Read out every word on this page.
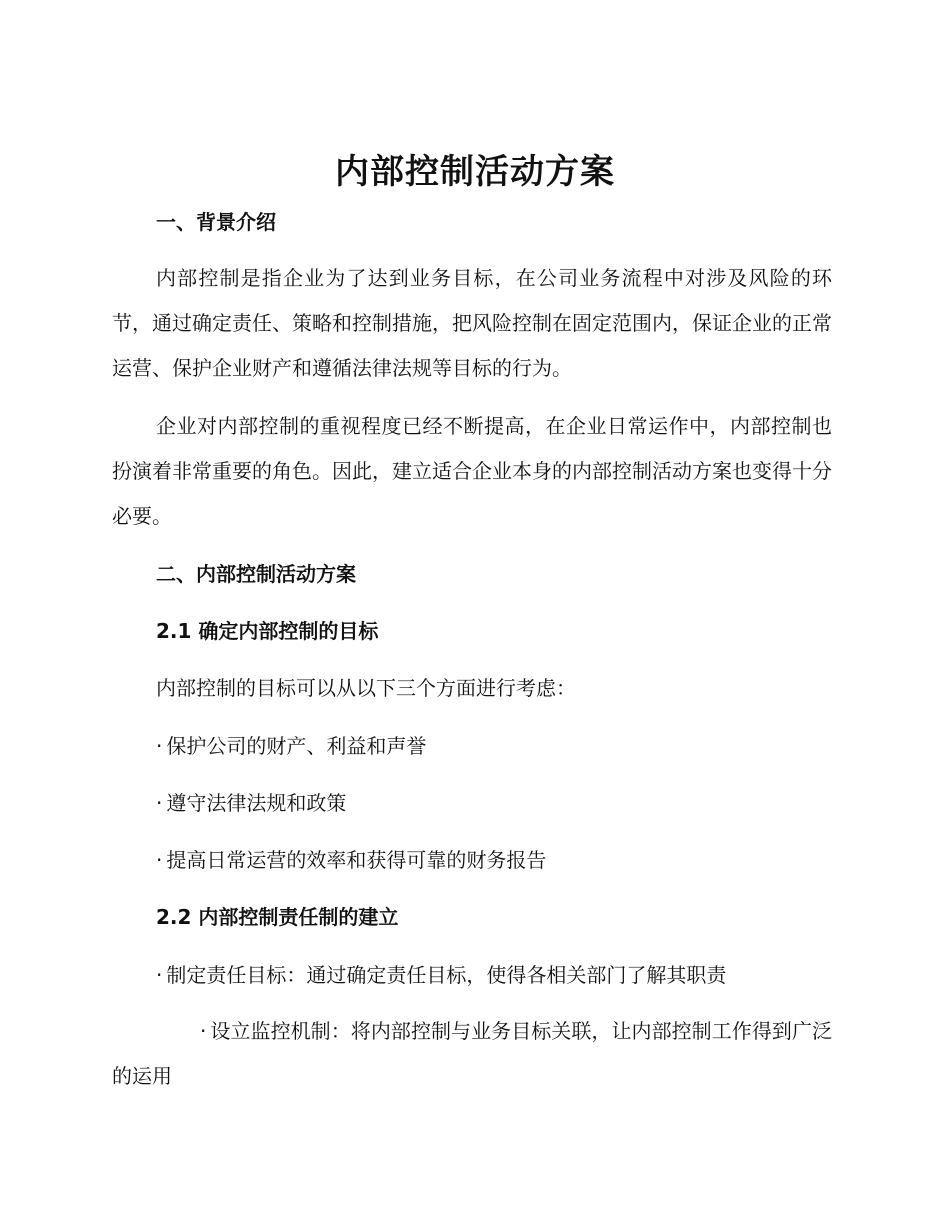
内部控制活动方案
一、背景介绍

内部控制是指企业为了达到业务目标，在公司业务流程中对涉及风险的环节，通过确定责任、策略和控制措施，把风险控制在固定范围内，保证企业的正常运营、保护企业财产和遵循法律法规等目标的行为。

企业对内部控制的重视程度已经不断提高，在企业日常运作中，内部控制也扮演着非常重要的角色。因此，建立适合企业本身的内部控制活动方案也变得十分必要。

二、内部控制活动方案
2.1 确定内部控制的目标
内部控制的目标可以从以下三个方面进行考虑：
· 保护公司的财产、利益和声誉
· 遵守法律法规和政策
· 提高日常运营的效率和获得可靠的财务报告
2.2 内部控制责任制的建立
· 制定责任目标：通过确定责任目标，使得各相关部门了解其职责

· 设立监控机制：将内部控制与业务目标关联，让内部控制工作得到广泛的运用
